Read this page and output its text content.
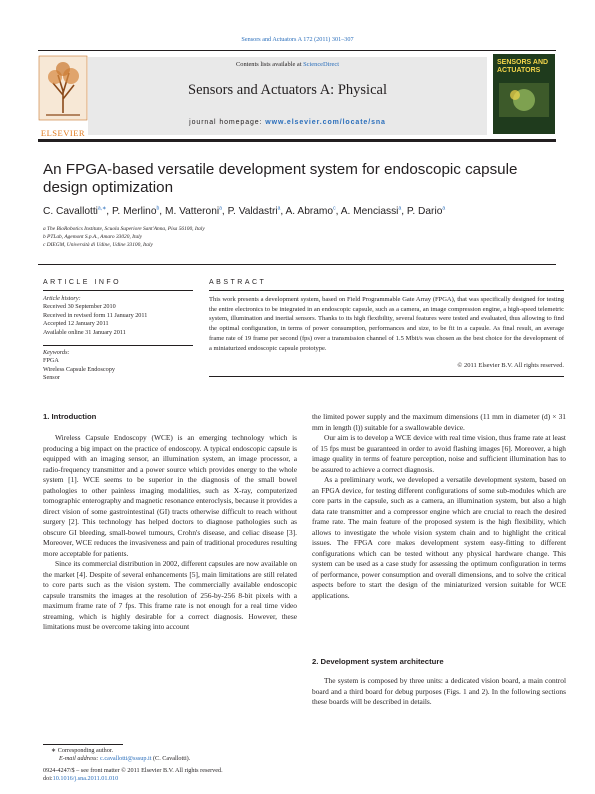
Sensors and Actuators A 172 (2011) 301–307
ELSEVIER
Contents lists available at ScienceDirect
Sensors and Actuators A: Physical
journal homepage: www.elsevier.com/locate/sna
SENSORS AND ACTUATORS
An FPGA-based versatile development system for endoscopic capsule
design optimization
C. Cavallotti$^{a,∗}$, P. Merlino$^b$, M. Vatteroni$^a$, P. Valdastri$^a$, A. Abramo$^c$, A. Menciassi$^a$, P. Dario$^a$
a The BioRobotics Institute, Scuola Superiore Sant'Anna, Pisa 56100, Italy
b PTLab, Agemont S.p.A., Amaro 33020, Italy
c DIEGM, Università di Udine, Udine 33100, Italy
ARTICLE INFO
Article history:
Received 30 September 2010
Received in revised form 11 January 2011
Accepted 12 January 2011
Available online 31 January 2011
Keywords:
FPGA
Wireless Capsule Endoscopy
Sensor
ABSTRACT
This work presents a development system, based on Field Programmable Gate Array (FPGA), that was specifically designed for testing the entire electronics to be integrated in an endoscopic capsule, such as a camera, an image compression engine, a high-speed telemetric system, illumination and inertial sensors. Thanks to its high flexibility, several features were tested and evaluated, thus allowing to find the optimal configuration, in terms of power consumption, performances and size, to be fit in a capsule. As final result, an average frame rate of 19 frame per second (fps) over a transmission channel of 1.5 Mbit/s was chosen as the best choice for the development of a miniaturized endoscopic capsule prototype.
© 2011 Elsevier B.V. All rights reserved.
1. Introduction

Wireless Capsule Endoscopy (WCE) is an emerging technology which is producing a big impact on the practice of endoscopy. A typical endoscopic capsule is equipped with an imaging sensor, an illumination system, an image processor, a radio-frequency transmitter and a power source which provides energy to the whole system [1]. WCE seems to be superior in the diagnosis of the small bowel pathologies to other painless imaging modalities, such as X-ray, computerized tomographic enterography and magnetic resonance enteroclysis, because it provides a direct vision of some gastrointestinal (GI) tracts otherwise difficult to reach without surgery [2]. This technology has helped doctors to diagnose pathologies such as obscure GI bleeding, small-bowel tumours, Crohn's disease, and celiac disease [3]. Moreover, WCE reduces the invasiveness and pain of traditional procedures resulting more acceptable for patients.

Since its commercial distribution in 2002, different capsules are now available on the market [4]. Despite of several enhancements [5], main limitations are still related to core parts such as the vision system. The commercially available endoscopic capsule transmits the images at the resolution of 256-by-256 8-bit pixels with a maximum frame rate of 7 fps. This frame rate is not enough for a real time video streaming, which is highly desirable for a correct diagnosis. However, these limitations must be overcome taking into account

the limited power supply and the maximum dimensions (11 mm in diameter (d) × 31 mm in length (l)) suitable for a swallowable device.

Our aim is to develop a WCE device with real time vision, thus frame rate at least of 15 fps must be guaranteed in order to avoid flashing images [6]. Moreover, a high image quality in terms of feature perception, noise and sufficient illumination has to be assured to achieve a correct diagnosis.

As a preliminary work, we developed a versatile development system, based on an FPGA device, for testing different configurations of some sub-modules which are core parts in the capsule, such as a camera, an illumination system, but also a high data rate transmitter and a compressor engine which are crucial to reach the desired frame rate. The main feature of the proposed system is the high flexibility, which allows to investigate the whole vision system chain and to highlight the critical issues. The FPGA core makes development system easy-fitting to different configurations which can be tested without any physical hardware change. This system can be used as a case study for assessing the optimum configuration in terms of performance, power consumption and overall dimensions, and to solve the critical aspects before to start the design of the miniaturized version suitable for WCE applications.

2. Development system architecture

The system is composed by three units: a dedicated vision board, a main control board and a third board for debug purposes (Figs. 1 and 2). In the following sections these boards will be described in details.

∗ Corresponding author.
E-mail address: c.cavallotti@sssup.it (C. Cavallotti).
0924-4247/$ – see front matter © 2011 Elsevier B.V. All rights reserved.
doi:10.1016/j.sna.2011.01.010
